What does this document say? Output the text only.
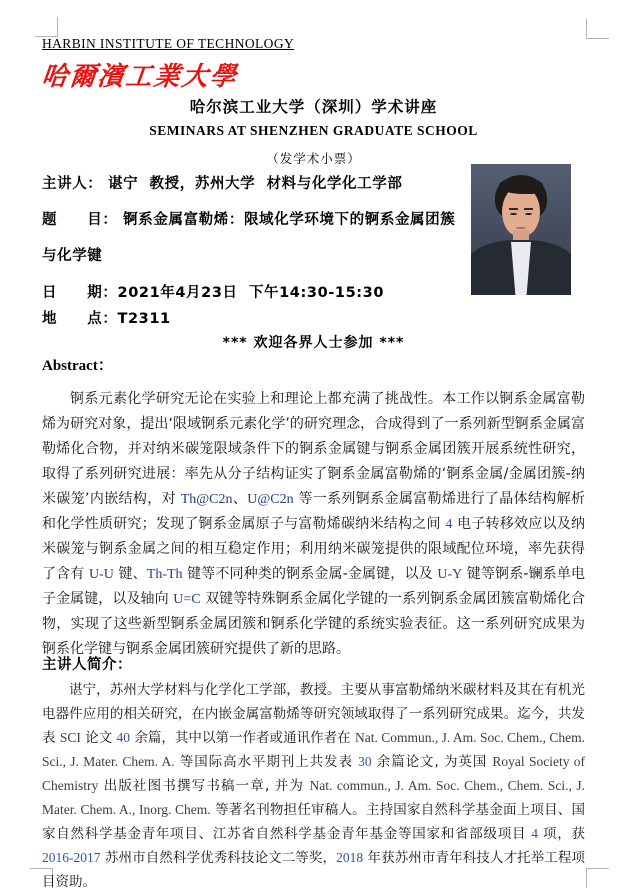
HARBIN INSTITUTE OF TECHNOLOGY
哈爾濱工業大學
哈尔滨工业大学（深圳）学术讲座
SEMINARS AT SHENZHEN GRADUATE SCHOOL
（发学术小票）
主讲人： 谌宁  教授，苏州大学  材料与化学化工学部
题　　目： 锕系金属富勒烯：限域化学环境下的锕系金属团簇
与化学键
日　　期：2021年4月23日  下午14:30-15:30
地　　点：T2311
*** 欢迎各界人士参加 ***
Abstract：
锕系元素化学研究无论在实验上和理论上都充满了挑战性。本工作以锕系金属富勒烯为研究对象，提出‘限域锕系元素化学’的研究理念，合成得到了一系列新型锕系金属富勒烯化合物，并对纳米碳笼限域条件下的锕系金属键与锕系金属团簇开展系统性研究，取得了系列研究进展：率先从分子结构证实了锕系金属富勒烯的‘锕系金属/金属团簇-纳米碳笼’内嵌结构，对 Th@C2n、U@C2n 等一系列锕系金属富勒烯进行了晶体结构解析和化学性质研究；发现了锕系金属原子与富勒烯碳纳米结构之间 4 电子转移效应以及纳米碳笼与锕系金属之间的相互稳定作用；利用纳米碳笼提供的限域配位环境，率先获得了含有 U-U 键、Th-Th 键等不同种类的锕系金属-金属键，以及 U-Y 键等锕系-镧系单电子金属键，以及轴向 U=C 双键等特殊锕系金属化学键的一系列锕系金属团簇富勒烯化合物，实现了这些新型锕系金属团簇和锕系化学键的系统实验表征。这一系列研究成果为锕系化学键与锕系金属团簇研究提供了新的思路。
主讲人简介：
谌宁，苏州大学材料与化学化工学部，教授。主要从事富勒烯纳米碳材料及其在有机光电器件应用的相关研究，在内嵌金属富勒烯等研究领域取得了一系列研究成果。迄今，共发表 SCI 论文 40 余篇，其中以第一作者或通讯作者在 Nat. Commun., J. Am. Soc. Chem., Chem. Sci., J. Mater. Chem. A. 等国际高水平期刊上共发表 30 余篇论文, 为英国 Royal Society of Chemistry 出版社图书撰写书稿一章, 并为 Nat. commun., J. Am. Soc. Chem., Chem. Sci., J. Mater. Chem. A., Inorg. Chem. 等著名刊物担任审稿人。主持国家自然科学基金面上项目、国家自然科学基金青年项目、江苏省自然科学基金青年基金等国家和省部级项目 4 项，获 2016-2017 苏州市自然科学优秀科技论文二等奖，2018 年获苏州市青年科技人才托举工程项目资助。
